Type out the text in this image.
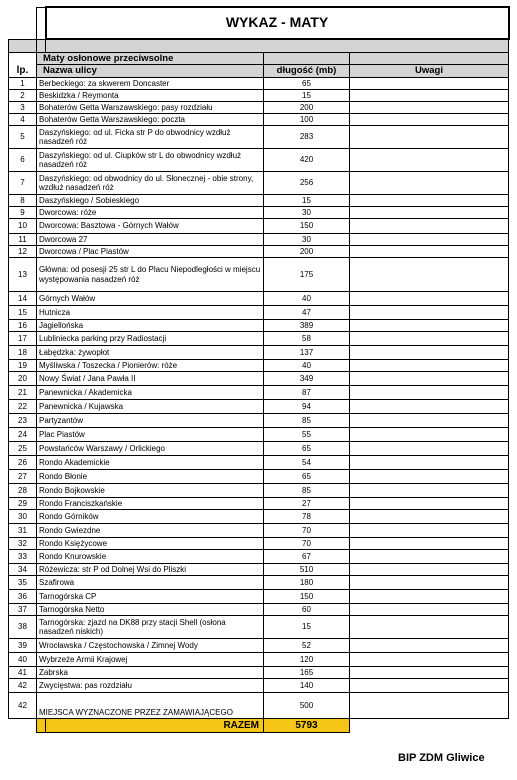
		WYKAZ - MATY		

	Maty osłonowe przeciwsolne			
lp.	Nazwa ulicy		długość (mb)	Uwagi
1	Berbeckiego: za skwerem Doncaster		65	
2	Beskidzka / Reymonta		15	
3	Bohaterów Getta Warszawskiego: pasy rozdziału		200	
4	Bohaterów Getta Warszawskiego: poczta		100	
5	Daszyńskiego: od ul. Ficka str P do obwodnicy wzdłuż nasadzeń róż		283	
6	Daszyńskiego: od ul. Ciupków str L do obwodnicy wzdłuż nasadzeń róż		420	
7	Daszyńskiego: od obwodnicy do ul. Słonecznej - obie strony, wzdłuż nasadzeń róż		256	
8	Daszyńskiego / Sobieskiego		15	
9	Dworcowa: róże		30	
10	Dworcowa: Basztowa - Górnych Wałów		150	
11	Dworcowa 27		30	
12	Dworcowa / Plac Piastów		200	
13	Główna: od posesji 25 str L do Placu Niepodległości w miejscu występowania nasadzeń róż		175	
14	Górnych Wałów		40	
15	Hutnicza		47	
16	Jagiellońska		389	
17	Lubliniecka parking przy Radiostacji		58	
18	Łabędzka: żywopłot		137	
19	Myśliwska / Toszecka / Pionierów: róże		40	
20	Nowy Świat / Jana Pawła II		349	
21	Panewnicka / Akademicka		87	
22	Panewnicka / Kujawska		94	
23	Partyzantów		85	
24	Plac Piastów		55	
25	Powstańców Warszawy / Orlickiego		65	
26	Rondo Akademickie		54	
27	Rondo Błonie		65	
28	Rondo Bojkowskie		85	
29	Rondo Franciszkańskie		27	
30	Rondo Górników		78	
31	Rondo Gwiezdne		70	
32	Rondo Księżycowe		70	
33	Rondo Knurowskie		67	
34	Różewicza: str P od Dolnej Wsi do Pliszki		510	
35	Szafirowa		180	
36	Tarnogórska CP		150	
37	Tarnogórska Netto		60	
38	Tarnogórska: zjazd na DK88 przy stacji Shell (osłona nasadzeń niskich)		15	
39	Wrocławska / Częstochowska / Zimnej Wody		52	
40	Wybrzeże Armii Krajowej		120	
41	Zabrska		165	
42	Zwycięstwa: pas rozdziału		140	
42	MIEJSCA WYZNACZONE PRZEZ ZAMAWIAJĄCEGO		500	
		RAZEM	5793	
BIP ZDM Gliwice
